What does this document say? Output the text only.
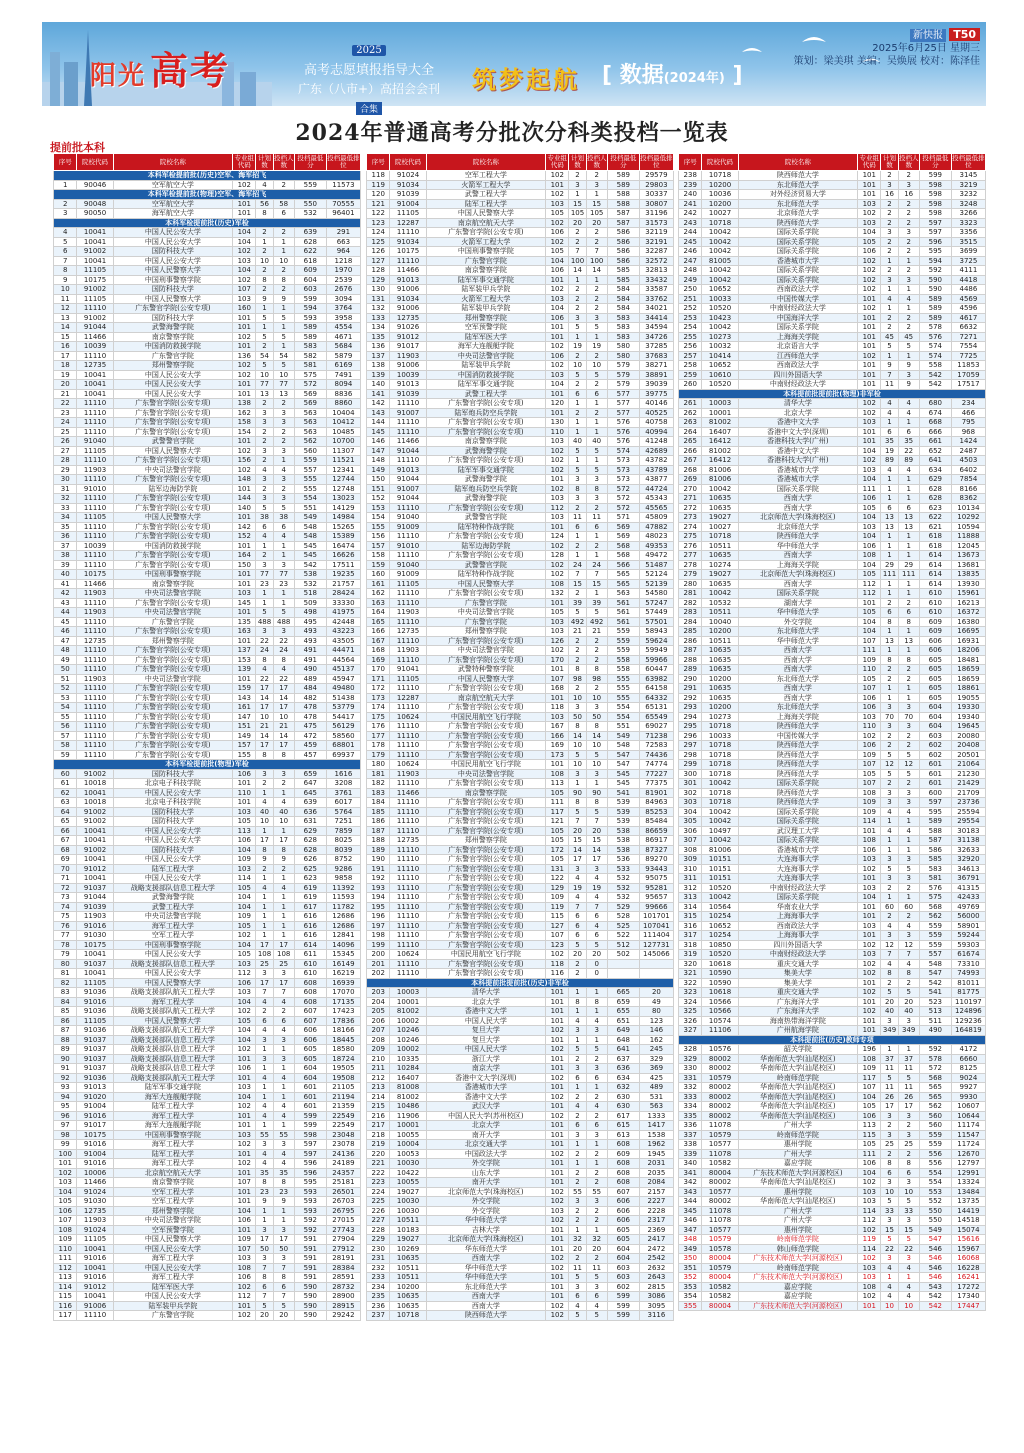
阳光 高考	2025
高考志愿填报指导大全
广东（八市+）高招会会刊
合集
筑梦起航 [ 数据(2024年) ]
新快报 T50
2025年6月25日 星期三
策划：梁美琪 美编：吴焕展 校对：陈泽佳
2024年普通高考分批次分科类投档一览表
提前批本科
序号	院校代码	院校名称	专业组代码	计划数	投档人数	投档最低分	投档最低排位
本科军检提前批(历史)空军、海军招飞							
1	90046	空军航空大学	102	4	2	559	11573
本科军检提前批(物理)空军、海军招飞							
2	90048	空军航空大学	101	56	58	550	70555
3	90050	海军航空大学	101	8	6	532	96401
本科军检提前批(历史)军检							
4	10041	中国人民公安大学	104	2	2	639	291
5	10041	中国人民公安大学	104	1	1	628	663
6	91002	国防科技大学	102	2	1	622	964
7	10041	中国人民公安大学	103	10	10	618	1218
8	11105	中国人民警察大学	104	2	2	609	1970
9	10175	中国刑事警察学院	102	8	8	604	2539
10	91002	国防科技大学	107	2	2	603	2676
11	11105	中国人民警察大学	103	9	9	599	3094
12	11110	广东警官学院(公安专项)	160	1	1	594	3764
13	91002	国防科技大学	101	5	5	593	3958
14	91044	武警海警学院	101	1	1	589	4554
15	11466	南京警察学院	102	5	5	589	4671
16	10039	中国消防救援学院	101	2	1	583	5684
17	11110	广东警官学院	136	54	54	582	5879
18	12735	郑州警察学院	102	5	5	581	6169
19	10041	中国人民公安大学	102	10	10	575	7491
20	10041	中国人民公安大学	101	77	77	572	8094
21	10041	中国人民公安大学	101	13	13	569	8836
22	11110	广东警官学院(公安专项)	138	2	2	569	8860
23	11110	广东警官学院(公安专项)	162	3	3	563	10404
24	11110	广东警官学院(公安专项)	158	3	3	563	10412
25	11110	广东警官学院(公安专项)	154	2	2	563	10485
26	91040	武警警官学院	101	2	2	562	10700
27	11105	中国人民警察大学	102	3	3	560	11307
28	11110	广东警官学院(公安专项)	156	2	1	559	11521
29	11903	中央司法警官学院	102	4	4	557	12341
30	11110	广东警官学院(公安专项)	148	3	3	555	12744
31	91010	陆军边海防学院	101	2	2	555	12748
32	11110	广东警官学院(公安专项)	144	3	3	554	13023
33	11110	广东警官学院(公安专项)	140	5	5	551	14129
34	11105	中国人民警察大学	101	38	38	549	14984
35	11110	广东警官学院(公安专项)	142	6	6	548	15265
36	11110	广东警官学院(公安专项)	152	4	4	548	15389
37	10039	中国消防救援学院	101	1	1	545	16474
38	11110	广东警官学院(公安专项)	164	2	1	545	16626
39	11110	广东警官学院(公安专项)	150	3	3	542	17511
40	10175	中国刑事警察学院	101	77	77	538	19235
41	11466	南京警察学院	101	23	23	532	21757
42	11903	中央司法警官学院	103	1	1	518	28424
43	11110	广东警官学院(公安专项)	145	1	1	509	33330
44	11903	中央司法警官学院	101	5	5	498	41975
45	11110	广东警官学院	135	488	488	495	42448
46	11110	广东警官学院(公安专项)	163	3	3	493	43223
47	12735	郑州警察学院	101	22	22	493	43505
48	11110	广东警官学院(公安专项)	137	24	24	491	44471
49	11110	广东警官学院(公安专项)	153	8	8	491	44564
50	11110	广东警官学院(公安专项)	139	4	4	490	45137
51	11903	中央司法警官学院	101	22	22	489	45947
52	11110	广东警官学院(公安专项)	159	17	17	484	49480
53	11110	广东警官学院(公安专项)	143	14	14	482	51438
54	11110	广东警官学院(公安专项)	161	17	17	478	53779
55	11110	广东警官学院(公安专项)	147	10	10	478	54417
56	11110	广东警官学院(公安专项)	151	21	21	475	56129
57	11110	广东警官学院(公安专项)	149	14	14	472	58560
58	11110	广东警官学院(公安专项)	157	17	17	459	68801
59	11110	广东警官学院(公安专项)	155	8	8	457	69937
本科军检提前批(物理)军检							
60	91002	国防科技大学	106	3	3	659	1616
61	10018	北京电子科技学院	101	2	2	647	3208
62	10041	中国人民公安大学	110	1	1	645	3761
63	10018	北京电子科技学院	101	4	4	639	6017
64	91002	国防科技大学	103	40	40	636	5764
65	91002	国防科技大学	105	10	10	631	7251
66	10041	中国人民公安大学	113	1	1	629	7859
67	10041	中国人民公安大学	106	17	17	628	8025
68	91002	国防科技大学	104	8	8	628	8039
69	10041	中国人民公安大学	109	9	9	626	8752
70	91012	陆军工程大学	103	2	2	625	9286
71	10041	中国人民公安大学	114	1	1	623	9858
72	91037	战略支援部队信息工程大学	105	4	4	619	11392
73	91044	武警海警学院	104	1	1	619	11593
74	91039	武警工程大学	104	1	1	617	11782
75	11903	中央司法警官学院	109	1	1	616	12686
76	91016	海军工程大学	105	1	1	616	12686
77	91030	空军工程大学	102	1	1	616	12841
78	10175	中国刑事警察学院	104	17	17	614	14096
79	10041	中国人民公安大学	105	108	108	611	15345
80	91037	战略支援部队信息工程大学	103	25	25	610	16149
81	10041	中国人民公安大学	112	3	3	610	16219
82	11105	中国人民警察大学	106	17	17	608	16939
83	91036	战略支援部队航天工程大学	103	7	7	608	17070
84	91016	海军工程大学	104	4	4	608	17135
85	91036	战略支援部队航天工程大学	102	2	2	607	17423
86	11105	中国人民警察大学	105	6	6	607	17836
87	91036	战略支援部队航天工程大学	104	4	4	606	18166
88	91037	战略支援部队信息工程大学	104	3	3	606	18445
89	91037	战略支援部队信息工程大学	102	1	1	605	18580
90	91037	战略支援部队信息工程大学	101	3	3	605	18724
91	91037	战略支援部队信息工程大学	106	1	1	604	19505
92	91036	战略支援部队航天工程大学	101	4	4	604	19508
93	91013	陆军军事交通学院	103	1	1	601	21105
94	91020	海军大连舰艇学院	104	1	1	601	21194
95	91004	陆军工程大学	102	4	4	601	21359
96	91016	海军工程大学	101	4	4	599	22549
97	91017	海军大连舰艇学院	101	1	1	599	22549
98	10175	中国刑事警察学院	103	55	55	598	23048
99	91016	海军工程大学	102	3	3	597	23078
100	91004	陆军工程大学	101	4	4	597	24136
101	91016	海军工程大学	102	4	4	596	24189
102	10006	北京航空航天大学	101	35	35	596	24357
103	11466	南京警察学院	107	8	8	595	25181
104	91024	空军工程大学	101	23	23	593	26501
105	91030	空军工程大学	101	9	9	593	26703
106	12735	郑州警察学院	104	1	1	593	26795
107	11903	中央司法警官学院	106	1	1	592	27015
108	91024	空军预警学院	101	3	3	592	27743
109	11105	中国人民警察大学	109	17	17	591	27904
110	10041	中国人民公安大学	107	50	50	591	27912
111	91016	海军工程大学	103	3	3	591	28191
112	10041	中国人民公安大学	108	7	7	591	28384
113	91016	海军工程大学	106	8	8	591	28591
114	91012	陆军军医大学	102	6	6	590	28732
115	10041	中国人民公安大学	112	7	7	590	28900
116	91006	陆军装甲兵学院	101	5	5	590	28915
117	11110	广东警官学院	102	20	20	590	29242
序号	院校代码	院校名称	专业组代码	计划数	投档人数	投档最低分	投档最低排位
118	91024	空军工程大学	102	2	2	589	29579
119	91034	火箭军工程大学	101	3	3	589	29803
120	91039	武警工程大学	102	1	1	588	30337
121	91004	陆军工程大学	103	15	15	588	30807
122	11105	中国人民警察大学	105	105	105	587	31196
123	12287	南京航空航天大学	102	20	20	587	31573
124	11110	广东警官学院(公安专项)	106	2	2	586	32119
125	91034	火箭军工程大学	102	2	2	586	32191
126	10175	中国刑事警察学院	105	7	7	586	32287
127	11110	广东警官学院	104	100	100	586	32572
128	11466	南京警察学院	106	14	14	585	32813
129	91013	陆军军事交通学院	101	1	1	585	33432
130	91006	陆军装甲兵学院	102	2	2	584	33587
131	91034	火箭军工程大学	103	2	2	584	33762
132	91006	陆军装甲兵学院	104	2	2	584	34021
133	12735	郑州警察学院	106	3	3	583	34414
134	91026	空军预警学院	101	5	5	583	34594
135	91012	陆军军医大学	101	1	1	583	34726
136	91017	海军大连舰艇学院	102	19	19	580	37285
137	11903	中央司法警官学院	106	2	2	580	37683
138	91006	陆军装甲兵学院	102	10	10	579	38271
139	10039	中国消防救援学院	103	5	5	579	38891
140	91013	陆军军事交通学院	104	2	2	579	39039
141	91039	武警工程大学	101	6	6	577	39775
142	11110	广东警官学院(公安专项)	120	1	1	577	40146
143	91007	陆军炮兵防空兵学院	101	2	2	577	40525
144	11110	广东警官学院(公安专项)	130	1	1	576	40758
145	11110	广东警官学院(公安专项)	110	1	1	576	40994
146	11466	南京警察学院	103	40	40	576	41248
147	91044	武警海警学院	102	5	5	574	42689
148	11110	广东警官学院(公安专项)	102	1	1	573	43782
149	91013	陆军军事交通学院	102	5	5	573	43789
150	91044	武警海警学院	101	3	3	573	43877
151	91007	陆军炮兵防空兵学院	102	8	8	572	44724
152	91044	武警海警学院	103	3	3	572	45343
153	11110	广东警官学院(公安专项)	112	2	2	572	45565
154	91040	武警警官学院	103	11	11	571	45809
155	91009	陆军特种作战学院	101	6	6	569	47882
156	11110	广东警官学院(公安专项)	124	1	1	569	48023
157	91010	陆军边海防学院	102	2	2	568	49353
158	11110	广东警官学院(公安专项)	128	1	1	568	49472
159	91040	武警警官学院	102	24	24	566	51487
160	91009	陆军特种作战学院	102	7	7	565	52124
161	11105	中国人民警察大学	108	15	15	565	52139
162	11110	广东警官学院(公安专项)	132	2	1	563	54580
163	11110	广东警官学院	101	39	39	561	57247
164	11903	中央司法警官学院	105	5	5	561	57449
165	11110	广东警官学院	103	492	492	561	57501
166	12735	郑州警察学院	103	21	21	559	58943
167	11110	广东警官学院(公安专项)	126	2	2	559	59624
168	11903	中央司法警官学院	102	2	2	559	59949
169	11110	广东警官学院(公安专项)	170	2	2	558	59966
170	91041	武警特种警察学院	101	8	8	558	60447
171	11105	中国人民警察大学	107	98	98	555	63982
172	11110	广东警官学院(公安专项)	168	2	2	555	64158
173	12287	南京航空航天大学	101	10	10	555	64332
174	11110	广东警官学院(公安专项)	118	3	3	554	65131
175	10624	中国民用航空飞行学院	103	50	50	554	65549
176	11110	广东警官学院(公安专项)	167	8	8	551	69027
177	11110	广东警官学院(公安专项)	166	14	14	549	71238
178	11110	广东警官学院(公安专项)	169	10	10	548	72583
179	11110	广东警官学院(公安专项)	173	5	5	547	74436
180	10624	中国民用航空飞行学院	101	10	10	547	74774
181	11903	中央司法警官学院	108	3	3	545	77227
182	11110	广东警官学院(公安专项)	113	1	1	545	77375
183	11466	南京警察学院	105	90	90	541	81901
184	11110	广东警官学院(公安专项)	111	8	8	539	84963
185	11110	广东警官学院(公安专项)	117	5	5	539	85253
186	11110	广东警官学院(公安专项)	121	7	7	539	85484
187	11110	广东警官学院(公安专项)	105	20	20	538	86659
188	12735	郑州警察学院	105	15	15	538	86917
189	11110	广东警官学院(公安专项)	172	14	14	538	87327
190	11110	广东警官学院(公安专项)	105	17	17	536	89270
191	11110	广东警官学院(公安专项)	131	3	3	533	93443
192	11110	广东警官学院(公安专项)	122	4	4	532	95075
193	11110	广东警官学院(公安专项)	129	19	19	532	95281
194	11110	广东警官学院(公安专项)	109	4	4	532	95657
195	11110	广东警官学院(公安专项)	119	7	7	529	99666
196	11110	广东警官学院(公安专项)	115	6	6	528	101701
197	11110	广东警官学院(公安专项)	127	6	4	525	107041
198	11110	广东警官学院(公安专项)	107	6	6	522	111404
199	11110	广东警官学院(公安专项)	123	5	5	512	127731
200	10624	中国民用航空飞行学院	102	20	20	502	145066
201	11110	广东警官学院(公安专项)	118	2	0		
202	11110	广东警官学院(公安专项)	116	2	0		
本科提前批提前批(历史)非军检							
203	10003	清华大学	101	1	1	665	20
204	10001	北京大学	101	8	8	659	49
205	81002	香港中文大学	101	1	1	655	80
206	10002	中国人民大学	101	4	4	651	123
207	10246	复旦大学	102	3	3	649	146
208	10246	复旦大学	101	1	1	648	162
209	10002	中国人民大学	102	5	5	641	245
210	10335	浙江大学	101	2	2	637	329
211	10284	南京大学	101	3	3	636	369
212	16407	香港中文大学(深圳)	102	6	6	634	425
213	81008	香港城市大学	101	1	1	632	489
214	81002	香港中文大学	102	2	2	630	531
215	10486	武汉大学	101	4	4	630	563
216	11906	中国人民大学(苏州校区)	102	2	2	617	1333
217	10001	北京大学	101	6	6	615	1417
218	10055	南开大学	101	3	3	613	1538
219	10004	北京交通大学	101	1	1	608	1962
220	10053	中国政法大学	102	2	2	609	1945
221	10030	外交学院	101	1	1	608	2031
222	10422	山东大学	101	2	2	608	2035
223	10055	南开大学	101	2	2	608	2084
224	19027	北京师范大学(珠海校区)	102	55	55	607	2157
225	10030	外交学院	102	3	3	606	2227
226	10030	外交学院	103	2	2	606	2228
227	10511	华中师范大学	102	2	2	606	2317
228	10183	吉林大学	101	1	1	605	2369
229	19027	北京师范大学(珠海校区)	101	32	32	605	2417
230	10269	华东师范大学	101	20	20	604	2472
231	10635	西南大学	102	2	2	604	2542
232	10511	华中师范大学	102	11	11	603	2632
233	10511	华中师范大学	101	5	5	603	2643
234	10200	东北师范大学	101	3	3	602	2815
235	10635	西南大学	101	6	6	599	3086
236	10635	西南大学	102	4	4	599	3095
237	10718	陕西师范大学	102	5	5	599	3116
序号	院校代码	院校名称	专业组代码	计划数	投档人数	投档最低分	投档最低排位
238	10718	陕西师范大学	101	2	2	599	3145
239	10200	东北师范大学	101	3	3	598	3219
240	10036	对外经济贸易大学	101	16	16	598	3232
241	10200	东北师范大学	103	2	2	598	3248
242	10027	北京师范大学	102	2	2	598	3266
243	10718	陕西师范大学	103	2	2	597	3323
244	10042	国际关系学院	104	3	3	597	3356
245	10042	国际关系学院	105	2	2	596	3515
246	10042	国际关系学院	106	2	2	595	3699
247	81005	香港城市大学	102	1	1	594	3725
248	10042	国际关系学院	102	2	2	592	4111
249	10042	国际关系学院	102	3	3	590	4418
250	10652	西南政法大学	102	1	1	590	4486
251	10033	中国传媒大学	101	4	4	589	4569
252	10520	中南财经政法大学	102	1	1	589	4596
253	10423	中国海洋大学	101	2	2	589	4617
254	10042	国际关系学院	101	2	2	578	6632
255	10273	上海海关学院	101	45	45	576	7271
256	10032	北京语言大学	101	5	5	574	7554
257	10414	江西师范大学	102	1	1	574	7725
258	10652	西南政法大学	101	9	9	558	11853
259	10610	四川外国语大学	101	7	3	542	17059
260	10520	中南财经政法大学	101	11	9	542	17517
本科提前批提前批(物理)非军检							
261	10003	清华大学	102	4	4	680	234
262	10001	北京大学	102	4	4	674	466
263	81002	香港中文大学	103	1	1	668	795
264	16407	香港中文大学(深圳)	101	6	6	666	968
265	16412	香港科技大学(广州)	101	35	35	661	1424
266	81002	香港中文大学	104	19	22	652	2487
267	16412	香港科技大学(广州)	102	89	89	641	4503
268	81006	香港城市大学	103	4	4	634	6402
269	81006	香港城市大学	104	1	1	629	7854
270	10042	国际关系学院	111	1	1	628	8166
271	10635	西南大学	106	1	1	628	8362
272	10635	西南大学	105	6	6	623	10134
273	19027	北京师范大学(珠海校区)	104	13	13	622	10292
274	10027	北京师范大学	103	13	13	621	10594
275	10718	陕西师范大学	104	1	1	618	11888
276	10511	华中师范大学	106	1	1	618	12045
277	10635	西南大学	108	1	1	614	13673
278	10274	上海海关学院	104	29	29	614	13681
279	19027	北京师范大学(珠海校区)	105	111	111	614	13835
280	10635	西南大学	112	1	1	614	13930
281	10042	国际关系学院	112	1	1	610	15961
282	10532	湖南大学	101	2	2	610	16213
283	10511	华中师范大学	105	6	6	610	16372
284	10040	外交学院	104	8	8	609	16380
285	10200	东北师范大学	104	1	1	609	16695
286	10511	华中师范大学	107	13	13	606	16931
287	10635	西南大学	111	1	1	606	18206
288	10635	西南大学	109	8	8	605	18481
289	10635	西南大学	110	2	2	605	18659
290	10200	东北师范大学	105	2	2	605	18659
291	10635	西南大学	107	1	1	605	18861
292	10635	西南大学	106	1	1	605	19055
293	10200	东北师范大学	106	3	3	604	19330
294	10273	上海海关学院	103	70	70	604	19340
295	10718	陕西师范大学	110	3	3	604	19645
296	10033	中国传媒大学	102	2	2	603	20080
297	10718	陕西师范大学	106	2	2	602	20408
298	10718	陕西师范大学	109	5	5	602	20501
299	10718	陕西师范大学	107	12	12	601	21064
300	10718	陕西师范大学	105	5	5	601	21230
301	10042	国际关系学院	107	2	2	601	21429
302	10718	陕西师范大学	108	3	3	600	21709
303	10718	陕西师范大学	109	3	3	597	23736
304	10042	国际关系学院	109	4	4	595	25594
305	10042	国际关系学院	114	1	1	589	29554
306	10497	武汉理工大学	101	4	4	588	30183
307	10042	国际关系学院	108	1	1	587	31138
308	81006	香港城市大学	106	1	1	586	32633
309	10151	大连海事大学	103	3	3	585	32920
310	10151	大连海事大学	102	5	5	583	34613
311	10151	大连海事大学	101	3	3	581	36791
312	10520	中南财经政法大学	103	2	2	576	41315
313	10042	国际关系学院	104	1	1	575	42433
314	10564	华南农业大学	101	60	60	568	49769
315	10254	上海海事大学	101	2	2	562	56000
316	10652	西南政法大学	103	4	4	559	58901
317	10254	上海海事大学	101	3	3	559	59244
318	10850	四川外国语大学	102	12	12	559	59303
319	10520	中南财经政法大学	103	7	7	557	61674
320	10618	重庆交通大学	102	4	4	548	73310
321	10590	集美大学	102	8	8	547	74993
322	10590	集美大学	101	2	2	542	81011
323	10618	重庆交通大学	102	5	5	541	81775
324	10566	广东海洋大学	101	20	20	523	110197
325	10566	广东海洋大学	102	40	40	513	124896
326	10574	海南热带海洋学院	101	3	3	511	129236
327	11106	广州航海学院	101	349	349	490	164819
本科提前批(历史)教师专项							
328	10576	韶关学院	196	1	1	592	4172
329	80002	华南师范大学(汕尾校区)	108	37	37	578	6660
330	80002	华南师范大学(汕尾校区)	109	11	11	572	8125
331	10579	岭南师范学院	117	5	5	568	9024
332	80002	华南师范大学(汕尾校区)	107	11	11	565	9927
333	80002	华南师范大学(汕尾校区)	104	26	26	565	9930
334	80002	华南师范大学(汕尾校区)	105	17	17	562	10607
335	80002	华南师范大学(汕尾校区)	106	3	3	560	10644
336	11078	广州大学	113	2	2	560	11174
337	10579	岭南师范学院	115	3	3	559	11547
338	10577	惠州学院	105	25	25	559	11724
339	11078	广州大学	111	2	2	556	12670
340	10582	嘉应学院	106	8	8	556	12797
341	80004	广东技术师范大学(河源校区)	104	6	6	554	12991
342	80002	华南师范大学(汕尾校区)	102	3	3	554	13324
343	10577	惠州学院	103	10	10	553	13484
344	80002	华南师范大学(汕尾校区)	103	5	5	552	13735
345	11078	广州大学	114	33	33	550	14419
346	11078	广州大学	112	3	3	550	14518
347	10577	惠州学院	102	15	15	549	15074
348	10579	岭南师范学院	119	5	5	547	15616
349	10578	韩山师范学院	114	22	22	546	15967
350	80004	广东技术师范大学(河源校区)	102	3	3	546	16068
351	10579	岭南师范学院	103	4	4	546	16228
352	80004	广东技术师范大学(河源校区)	103	1	1	546	16241
353	10582	嘉应学院	108	4	4	543	17272
354	10582	嘉应学院	102	4	4	542	17340
355	80004	广东技术师范大学(河源校区)	101	10	10	542	17447
